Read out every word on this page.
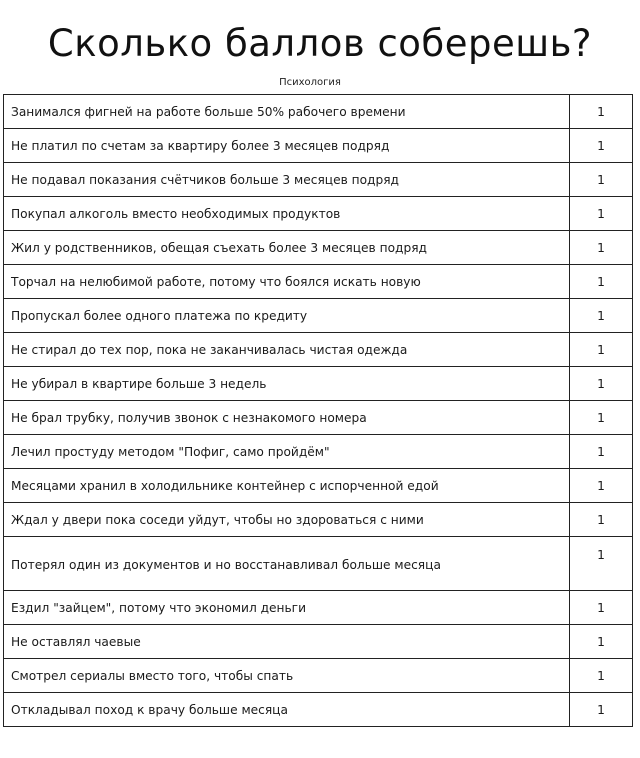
Сколько баллов соберешь?
Психология
Занимался фигней на работе больше 50% рабочего времени	1
Не платил по счетам за квартиру более 3 месяцев подряд	1
Не подавал показания счётчиков больше 3 месяцев подряд	1
Покупал алкоголь вместо необходимых продуктов	1
Жил у родственников, обещая съехать более 3 месяцев подряд	1
Торчал на нелюбимой работе, потому что боялся искать новую	1
Пропускал более одного платежа по кредиту	1
Не стирал до тех пор, пока не заканчивалась чистая одежда	1
Не убирал в квартире больше 3 недель	1
Не брал трубку, получив звонок с незнакомого номера	1
Лечил простуду методом "Пофиг, само пройдём"	1
Месяцами хранил в холодильнике контейнер с испорченной едой	1
Ждал у двери пока соседи уйдут, чтобы но здороваться с ними	1
Потерял один из документов и но восстанавливал больше месяца	1
Ездил "зайцем", потому что экономил деньги	1
Не оставлял чаевые	1
Смотрел сериалы вместо того, чтобы спать	1
Откладывал поход к врачу больше месяца	1
